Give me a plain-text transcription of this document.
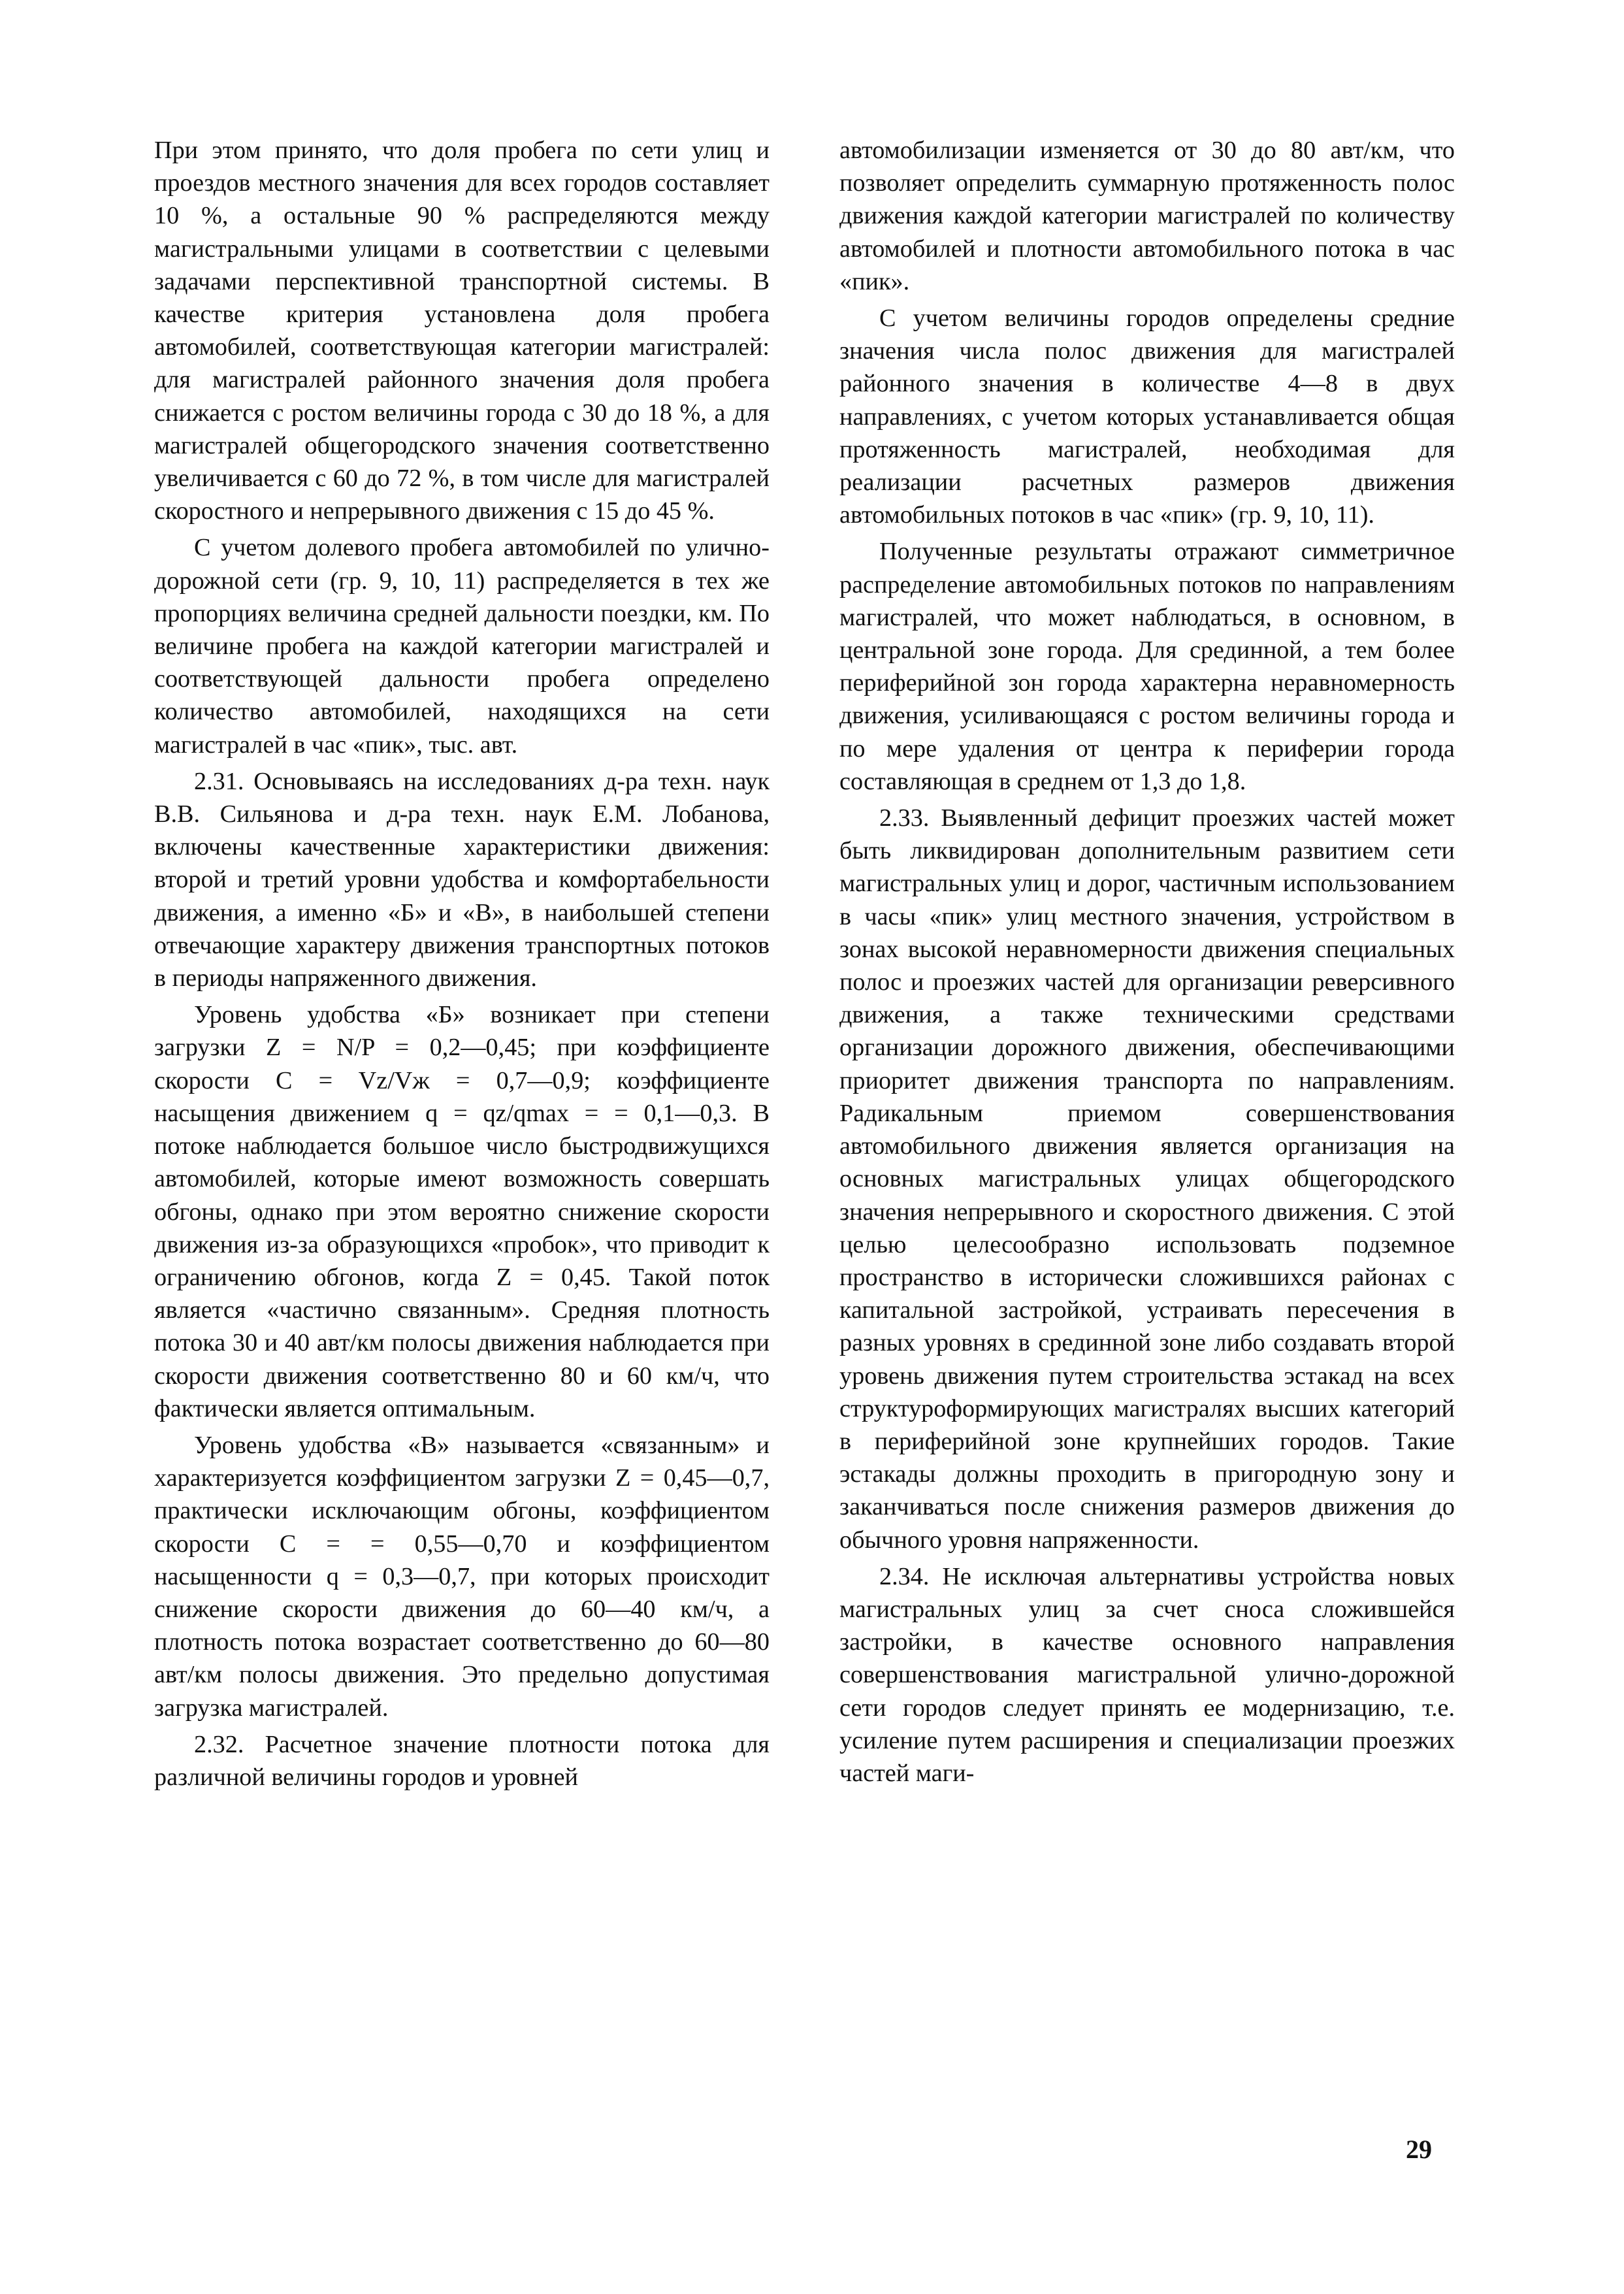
При этом принято, что доля пробега по сети улиц и проездов местного значения для всех городов составляет 10 %, а остальные 90 % распределяются между магистральными улицами в соответствии с целевыми задачами перспективной транспортной системы. В качестве критерия установлена доля пробега автомобилей, соответствующая категории магистралей: для магистралей районного значения доля пробега снижается с ростом величины города с 30 до 18 %, а для магистралей общегородского значения соответственно увеличивается с 60 до 72 %, в том числе для магистралей скоростного и непрерывного движения с 15 до 45 %.

С учетом долевого пробега автомобилей по улично-дорожной сети (гр. 9, 10, 11) распределяется в тех же пропорциях величина средней дальности поездки, км. По величине пробега на каждой категории магистралей и соответствующей дальности пробега определено количество автомобилей, находящихся на сети магистралей в час «пик», тыс. авт.

2.31. Основываясь на исследованиях д-ра техн. наук В.В. Сильянова и д-ра техн. наук Е.М. Лобанова, включены качественные характеристики движения: второй и третий уровни удобства и комфортабельности движения, а именно «Б» и «В», в наибольшей степени отвечающие характеру движения транспортных потоков в периоды напряженного движения.

Уровень удобства «Б» возникает при степени загрузки Z = N/P = 0,2—0,45; при коэффициенте скорости C = Vz/Vж = 0,7—0,9; коэффициенте насыщения движением q = qz/qmax = = 0,1—0,3. В потоке наблюдается большое число быстродвижущихся автомобилей, которые имеют возможность совершать обгоны, однако при этом вероятно снижение скорости движения из-за образующихся «пробок», что приводит к ограничению обгонов, когда Z = 0,45. Такой поток является «частично связанным». Средняя плотность потока 30 и 40 авт/км полосы движения наблюдается при скорости движения соответственно 80 и 60 км/ч, что фактически является оптимальным.

Уровень удобства «В» называется «связанным» и характеризуется коэффициентом загрузки Z = 0,45—0,7, практически исключающим обгоны, коэффициентом скорости C = = 0,55—0,70 и коэффициентом насыщенности q = 0,3—0,7, при которых происходит снижение скорости движения до 60—40 км/ч, а плотность потока возрастает соответственно до 60—80 авт/км полосы движения. Это предельно допустимая загрузка магистралей.

2.32. Расчетное значение плотности потока для различной величины городов и уровней

автомобилизации изменяется от 30 до 80 авт/км, что позволяет определить суммарную протяженность полос движения каждой категории магистралей по количеству автомобилей и плотности автомобильного потока в час «пик».

С учетом величины городов определены средние значения числа полос движения для магистралей районного значения в количестве 4—8 в двух направлениях, с учетом которых устанавливается общая протяженность магистралей, необходимая для реализации расчетных размеров движения автомобильных потоков в час «пик» (гр. 9, 10, 11).

Полученные результаты отражают симметричное распределение автомобильных потоков по направлениям магистралей, что может наблюдаться, в основном, в центральной зоне города. Для срединной, а тем более периферийной зон города характерна неравномерность движения, усиливающаяся с ростом величины города и по мере удаления от центра к периферии города составляющая в среднем от 1,3 до 1,8.

2.33. Выявленный дефицит проезжих частей может быть ликвидирован дополнительным развитием сети магистральных улиц и дорог, частичным использованием в часы «пик» улиц местного значения, устройством в зонах высокой неравномерности движения специальных полос и проезжих частей для организации реверсивного движения, а также техническими средствами организации дорожного движения, обеспечивающими приоритет движения транспорта по направлениям. Радикальным приемом совершенствования автомобильного движения является организация на основных магистральных улицах общегородского значения непрерывного и скоростного движения. С этой целью целесообразно использовать подземное пространство в исторически сложившихся районах с капитальной застройкой, устраивать пересечения в разных уровнях в срединной зоне либо создавать второй уровень движения путем строительства эстакад на всех структуроформирующих магистралях высших категорий в периферийной зоне крупнейших городов. Такие эстакады должны проходить в пригородную зону и заканчиваться после снижения размеров движения до обычного уровня напряженности.

2.34. Не исключая альтернативы устройства новых магистральных улиц за счет сноса сложившейся застройки, в качестве основного направления совершенствования магистральной улично-дорожной сети городов следует принять ее модернизацию, т.е. усиление путем расширения и специализации проезжих частей маги-

29
